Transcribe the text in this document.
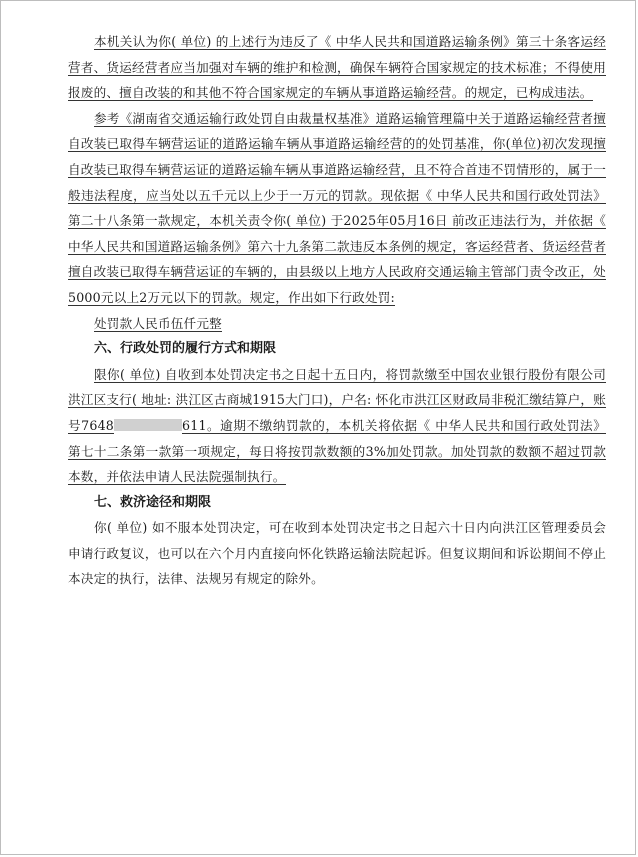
本机关认为你( 单位) 的上述行为违反了《 中华人民共和国道路运输条例》第三十条客运经营者、货运经营者应当加强对车辆的维护和检测，确保车辆符合国家规定的技术标准；不得使用报废的、擅自改装的和其他不符合国家规定的车辆从事道路运输经营。的规定，已构成违法。

参考《湖南省交通运输行政处罚自由裁量权基准》道路运输管理篇中关于道路运输经营者擅自改装已取得车辆营运证的道路运输车辆从事道路运输经营的的处罚基准，你(单位)初次发现擅自改装已取得车辆营运证的道路运输车辆从事道路运输经营，且不符合首违不罚情形的，属于一般违法程度，应当处以五千元以上少于一万元的罚款。现依据《 中华人民共和国行政处罚法》第二十八条第一款规定，本机关责令你( 单位) 于2025年05月16日 前改正违法行为，并依据《 中华人民共和国道路运输条例》第六十九条第二款违反本条例的规定，客运经营者、货运经营者擅自改装已取得车辆营运证的车辆的，由县级以上地方人民政府交通运输主管部门责令改正，处5000元以上2万元以下的罚款。规定，作出如下行政处罚:

处罚款人民币伍仟元整

六、行政处罚的履行方式和期限

限你( 单位) 自收到本处罚决定书之日起十五日内，将罚款缴至中国农业银行股份有限公司洪江区支行( 地址: 洪江区古商城1915大门口)，户名: 怀化市洪江区财政局非税汇缴结算户，账号7648	611。逾期不缴纳罚款的，本机关将依据《 中华人民共和国行政处罚法》第七十二条第一款第一项规定，每日将按罚款数额的3%加处罚款。加处罚款的数额不超过罚款本数，并依法申请人民法院强制执行。

七、救济途径和期限

你( 单位) 如不服本处罚决定，可在收到本处罚决定书之日起六十日内向洪江区管理委员会申请行政复议，也可以在六个月内直接向怀化铁路运输法院起诉。但复议期间和诉讼期间不停止本决定的执行，法律、法规另有规定的除外。
